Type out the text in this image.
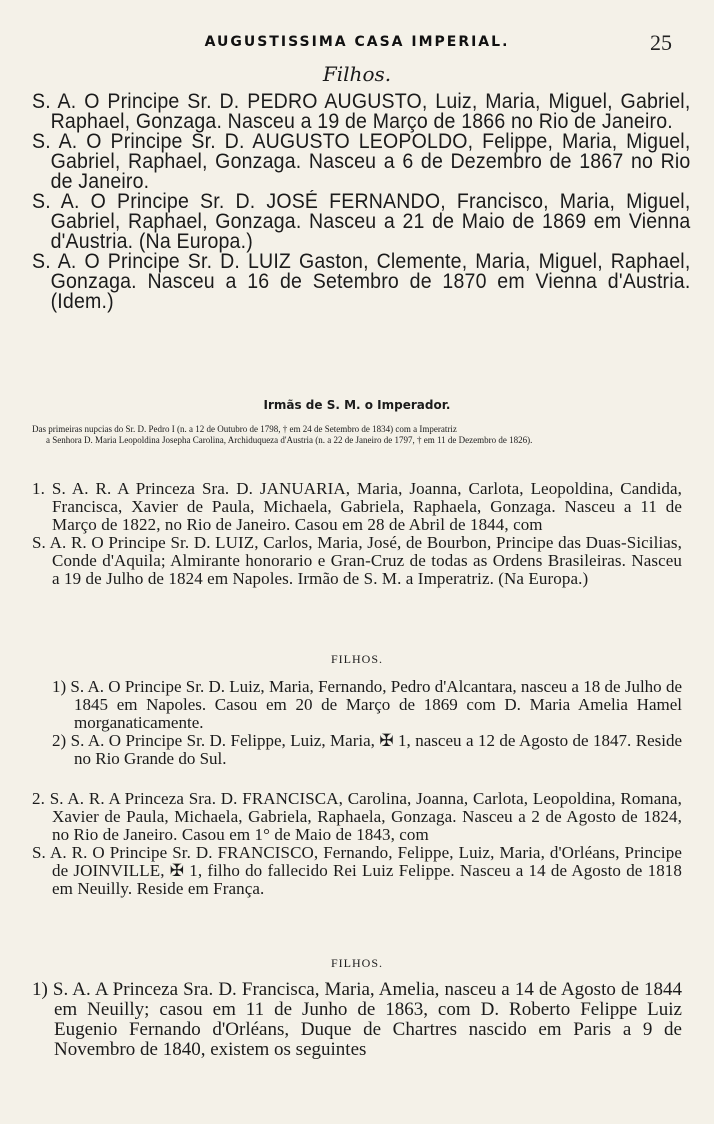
AUGUSTISSIMA CASA IMPERIAL.	25
Filhos.

S. A. O Principe Sr. D. PEDRO AUGUSTO, Luiz, Maria, Miguel, Gabriel, Raphael, Gonzaga. Nasceu a 19 de Março de 1866 no Rio de Janeiro.

S. A. O Principe Sr. D. AUGUSTO LEOPOLDO, Felippe, Maria, Miguel, Gabriel, Raphael, Gonzaga. Nasceu a 6 de Dezembro de 1867 no Rio de Janeiro.

S. A. O Principe Sr. D. JOSÉ FERNANDO, Francisco, Maria, Miguel, Gabriel, Raphael, Gonzaga. Nasceu a 21 de Maio de 1869 em Vienna d'Austria. (Na Europa.)

S. A. O Principe Sr. D. LUIZ Gaston, Clemente, Maria, Miguel, Raphael, Gonzaga. Nasceu a 16 de Setembro de 1870 em Vienna d'Austria. (Idem.)

Irmãs de S. M. o Imperador.
Das primeiras nupcias do Sr. D. Pedro I (n. a 12 de Outubro de 1798, † em 24 de Setembro de 1834) com a Imperatriz
a Senhora D. Maria Leopoldina Josepha Carolina, Archiduqueza d'Austria (n. a 22 de Janeiro de 1797, † em 11 de Dezembro de 1826).

1. S. A. R. A Princeza Sra. D. JANUARIA, Maria, Joanna, Carlota, Leopoldina, Candida, Francisca, Xavier de Paula, Michaela, Gabriela, Raphaela, Gonzaga. Nasceu a 11 de Março de 1822, no Rio de Janeiro. Casou em 28 de Abril de 1844, com

S. A. R. O Principe Sr. D. LUIZ, Carlos, Maria, José, de Bourbon, Principe das Duas-Sicilias, Conde d'Aquila; Almirante honorario e Gran-Cruz de todas as Ordens Brasileiras. Nasceu a 19 de Julho de 1824 em Napoles. Irmão de S. M. a Imperatriz. (Na Europa.)

FILHOS.

1) S. A. O Principe Sr. D. Luiz, Maria, Fernando, Pedro d'Alcantara, nasceu a 18 de Julho de 1845 em Napoles. Casou em 20 de Março de 1869 com D. Maria Amelia Hamel morganaticamente.

2) S. A. O Principe Sr. D. Felippe, Luiz, Maria, ✠ 1, nasceu a 12 de Agosto de 1847. Reside no Rio Grande do Sul.

2. S. A. R. A Princeza Sra. D. FRANCISCA, Carolina, Joanna, Carlota, Leopoldina, Romana, Xavier de Paula, Michaela, Gabriela, Raphaela, Gonzaga. Nasceu a 2 de Agosto de 1824, no Rio de Janeiro. Casou em 1° de Maio de 1843, com

S. A. R. O Principe Sr. D. FRANCISCO, Fernando, Felippe, Luiz, Maria, d'Orléans, Principe de JOINVILLE, ✠ 1, filho do fallecido Rei Luiz Felippe. Nasceu a 14 de Agosto de 1818 em Neuilly. Reside em França.

FILHOS.

1) S. A. A Princeza Sra. D. Francisca, Maria, Amelia, nasceu a 14 de Agosto de 1844 em Neuilly; casou em 11 de Junho de 1863, com D. Roberto Felippe Luiz Eugenio Fernando d'Orléans, Duque de Chartres nascido em Paris a 9 de Novembro de 1840, existem os seguintes
